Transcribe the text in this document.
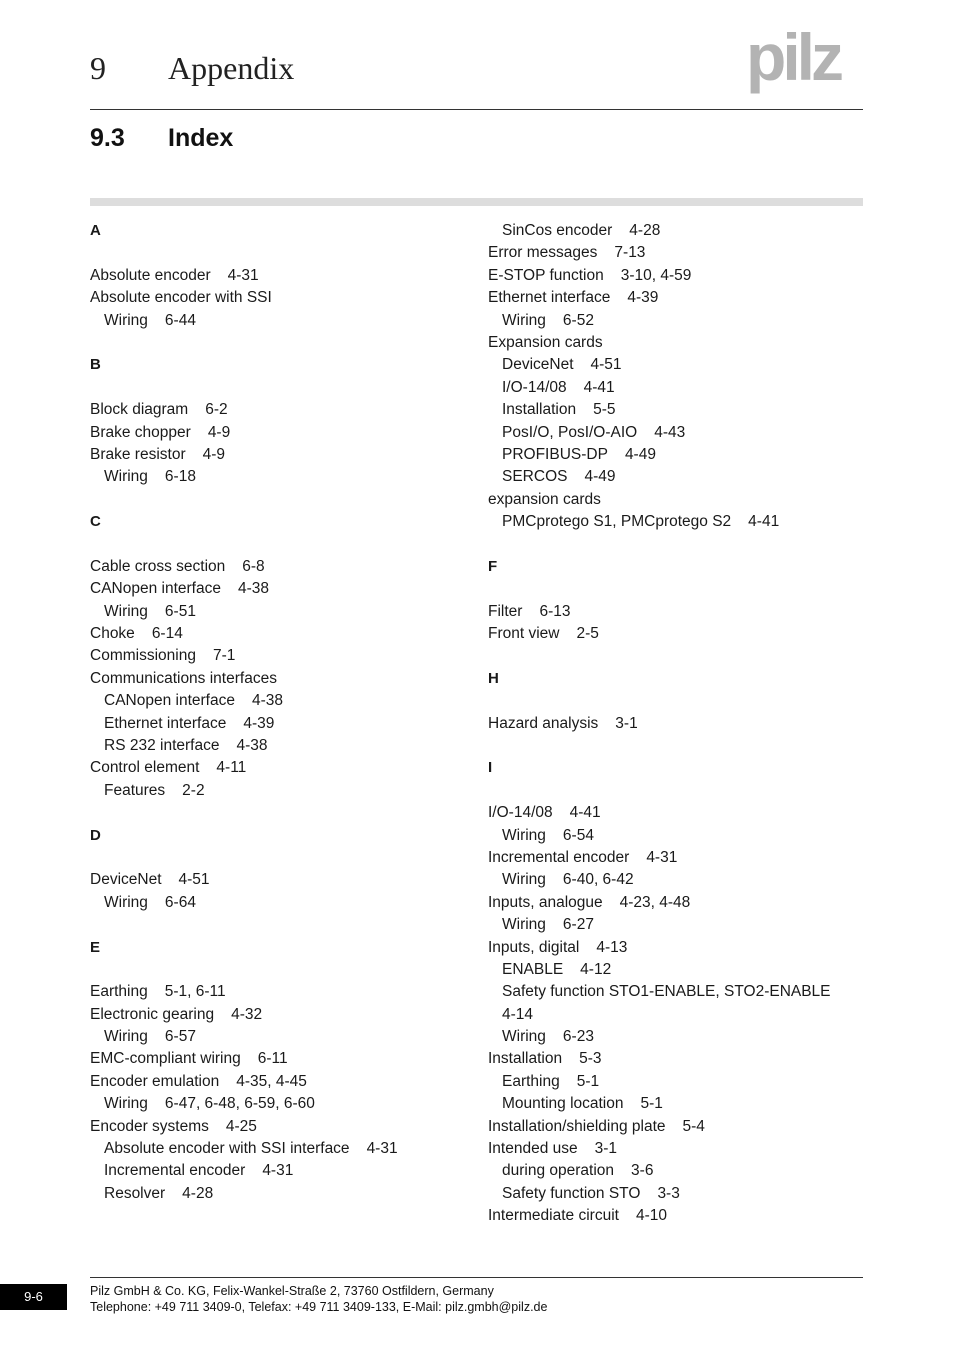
9 Appendix	pilz
9.3 Index
A
Absolute encoder 4-31
Absolute encoder with SSI
Wiring 6-44
B
Block diagram 6-2
Brake chopper 4-9
Brake resistor 4-9
Wiring 6-18
C
Cable cross section 6-8
CANopen interface 4-38
Wiring 6-51
Choke 6-14
Commissioning 7-1
Communications interfaces
CANopen interface 4-38
Ethernet interface 4-39
RS 232 interface 4-38
Control element 4-11
Features 2-2
D
DeviceNet 4-51
Wiring 6-64
E
Earthing 5-1, 6-11
Electronic gearing 4-32
Wiring 6-57
EMC-compliant wiring 6-11
Encoder emulation 4-35, 4-45
Wiring 6-47, 6-48, 6-59, 6-60
Encoder systems 4-25
Absolute encoder with SSI interface 4-31
Incremental encoder 4-31
Resolver 4-28
SinCos encoder 4-28
Error messages 7-13
E-STOP function 3-10, 4-59
Ethernet interface 4-39
Wiring 6-52
Expansion cards
DeviceNet 4-51
I/O-14/08 4-41
Installation 5-5
PosI/O, PosI/O-AIO 4-43
PROFIBUS-DP 4-49
SERCOS 4-49
expansion cards
PMCprotego S1, PMCprotego S2 4-41
F
Filter 6-13
Front view 2-5
H
Hazard analysis 3-1
I
I/O-14/08 4-41
Wiring 6-54
Incremental encoder 4-31
Wiring 6-40, 6-42
Inputs, analogue 4-23, 4-48
Wiring 6-27
Inputs, digital 4-13
ENABLE 4-12
Safety function STO1-ENABLE, STO2-ENABLE
4-14
Wiring 6-23
Installation 5-3
Earthing 5-1
Mounting location 5-1
Installation/shielding plate 5-4
Intended use 3-1
during operation 3-6
Safety function STO 3-3
Intermediate circuit 4-10
9-6	Pilz GmbH & Co. KG, Felix-Wankel-Straße 2, 73760 Ostfildern, Germany
Telephone: +49 711 3409-0, Telefax: +49 711 3409-133, E-Mail: pilz.gmbh@pilz.de
